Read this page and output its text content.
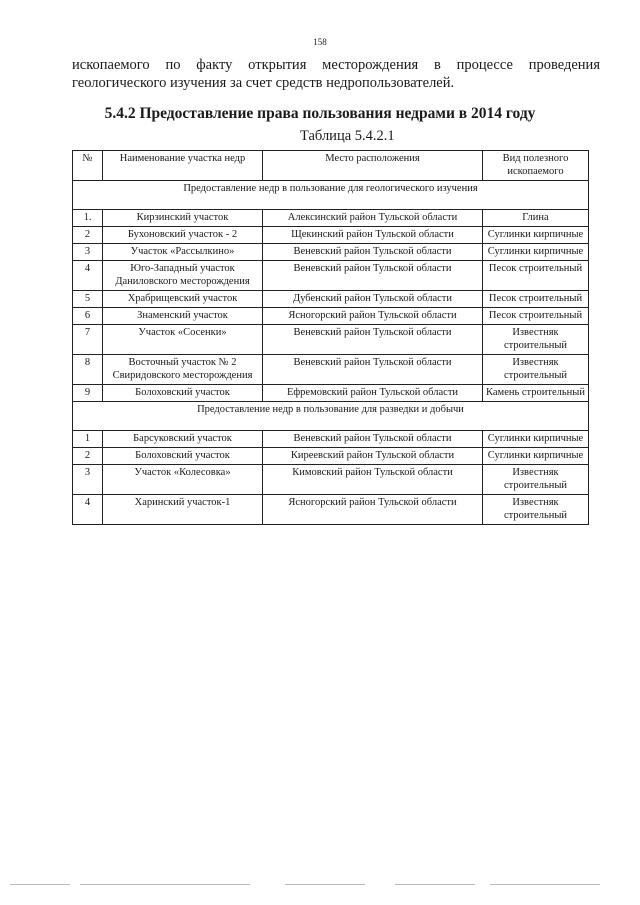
158
ископаемого по факту открытия месторождения в процессе проведения геологического изучения за счет средств недропользователей.
5.4.2 Предоставление права пользования недрами в 2014 году
Таблица 5.4.2.1
№	Наименование участка недр	Место расположения	Вид полезного ископаемого
Предоставление недр в пользование для геологического изучения			
1.	Кирзинский участок	Алексинский район Тульской области	Глина
2	Бухоновский участок - 2	Щекинский район Тульской области	Суглинки кирпичные
3	Участок «Рассылкино»	Веневский район Тульской области	Суглинки кирпичные
4	Юго-Западный участок Даниловского месторождения	Веневский район Тульской области	Песок строительный
5	Храбрищевский участок	Дубенский район Тульской области	Песок строительный
6	Знаменский участок	Ясногорский район Тульской области	Песок строительный
7	Участок «Сосенки»	Веневский район Тульской области	Известняк строительный
8	Восточный участок № 2 Свиридовского месторождения	Веневский район Тульской области	Известняк строительный
9	Болоховский участок	Ефремовский район Тульской области	Камень строительный
Предоставление недр в пользование для разведки и добычи			
1	Барсуковский участок	Веневский район Тульской области	Суглинки кирпичные
2	Болоховский участок	Киреевский район Тульской области	Суглинки кирпичные
3	Участок «Колесовка»	Кимовский район Тульской области	Известняк строительный
4	Харинский участок-1	Ясногорский район Тульской области	Известняк строительный
